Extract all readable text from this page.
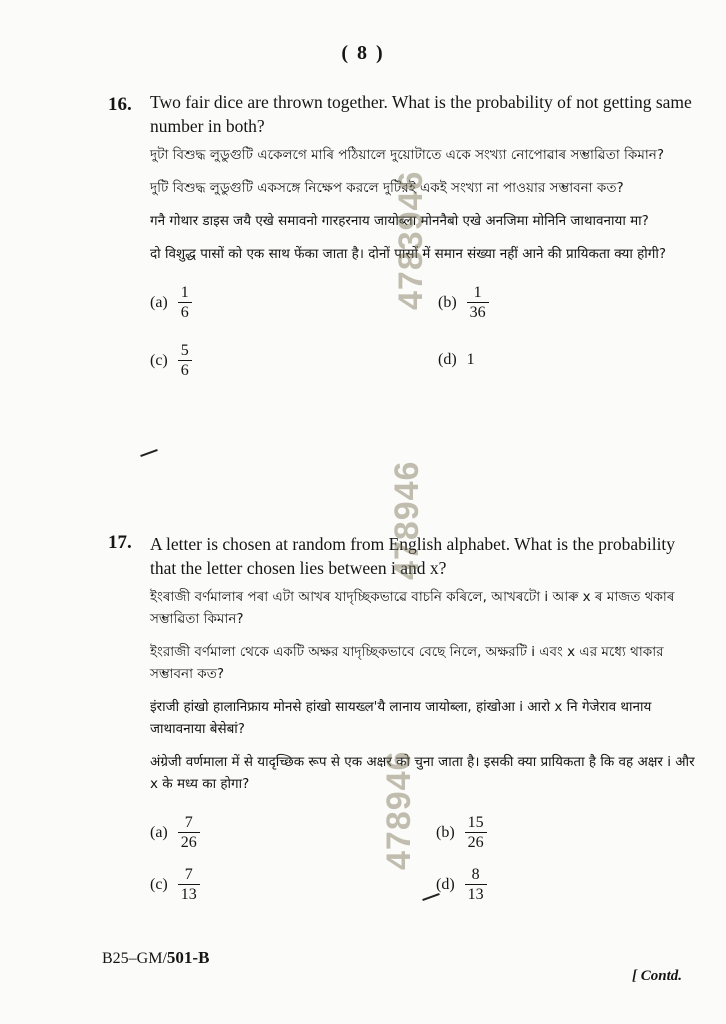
( 8 )
16. Two fair dice are thrown together. What is the probability of not getting same number in both?
দুটা বিশুদ্ধ লুডুগুটি একেলগে মাৰি পঠিয়ালে দুয়োটাতে একে সংখ্যা নোপোৱাৰ সম্ভাৱিতা কিমান?
দুটি বিশুদ্ধ লুডুগুটি একসঙ্গে নিক্ষেপ করলে দুটিরই একই সংখ্যা না পাওয়ার সম্ভাবনা কত?
गनै गोथार डाइस जयै एखे समावनो गारहरनाय जायोब्ला मोननैबो एखे अनजिमा मोनिनि जाथावनाया मा?
दो विशुद्ध पासों को एक साथ फेंका जाता है। दोनों पासों में समान संख्या नहीं आने की प्रायिकता क्या होगी?
$(a) \frac{1}{6}$	$(b) \frac{1}{36}$
$(c) \frac{5}{6}$	(d) 1
17. A letter is chosen at random from English alphabet. What is the probability that the letter chosen lies between i and x?
ইংৰাজী বৰ্ণমালাৰ পৰা এটা আখৰ যাদৃচ্ছিকভাৱে বাচনি কৰিলে, আখৰটো i আৰু x ৰ মাজত থকাৰ সম্ভাৱিতা কিমান?
ইংরাজী বর্ণমালা থেকে একটি অক্ষর যাদৃচ্ছিকভাবে বেছে নিলে, অক্ষরটি i এবং x এর মধ্যে থাকার সম্ভাবনা কত?
इंराजी हांखो हालानिफ्राय मोनसे हांखो सायख्ल'यै लानाय जायोब्ला, हांखोआ i आरो x नि गेजेराव थानाय जाथावनाया बेसेबां?
अंग्रेजी वर्णमाला में से यादृच्छिक रूप से एक अक्षर को चुना जाता है। इसकी क्या प्रायिकता है कि वह अक्षर i और x के मध्य का होगा?
$(a) \frac{7}{26}$	$(b) \frac{15}{26}$
$(c) \frac{7}{13}$	$(d) \frac{8}{13}$
4783946
478946
478946
B25–GM/501-B
[ Contd.
